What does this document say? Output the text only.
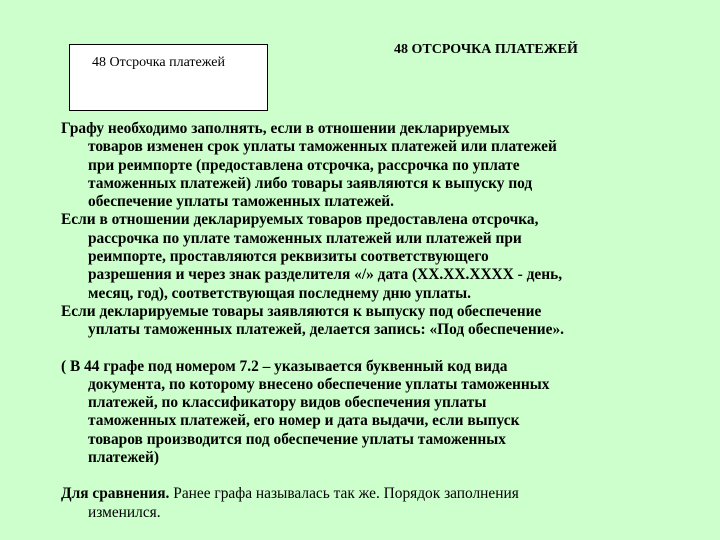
48 Отсрочка платежей
48 ОТСРОЧКА ПЛАТЕЖЕЙ

Графу необходимо заполнять, если в отношении декларируемых
товаров изменен срок уплаты таможенных платежей или платежей
при реимпорте (предоставлена отсрочка, рассрочка по уплате
таможенных платежей) либо товары заявляются к выпуску под
обеспечение уплаты таможенных платежей.

Если в отношении декларируемых товаров предоставлена отсрочка,
рассрочка по уплате таможенных платежей или платежей при
реимпорте, проставляются реквизиты соответствующего
разрешения и через знак разделителя «/» дата (ХХ.ХХ.ХХХХ - день,
месяц, год), соответствующая последнему дню уплаты.

Если декларируемые товары заявляются к выпуску под обеспечение
уплаты таможенных платежей, делается запись: «Под обеспечение».

( В 44 графе под номером 7.2 – указывается буквенный код вида
документа, по которому внесено обеспечение уплаты таможенных
платежей, по классификатору видов обеспечения уплаты
таможенных платежей, его номер и дата выдачи, если выпуск
товаров производится под обеспечение уплаты таможенных
платежей)

Для сравнения. Ранее графа называлась так же. Порядок заполнения
изменился.
